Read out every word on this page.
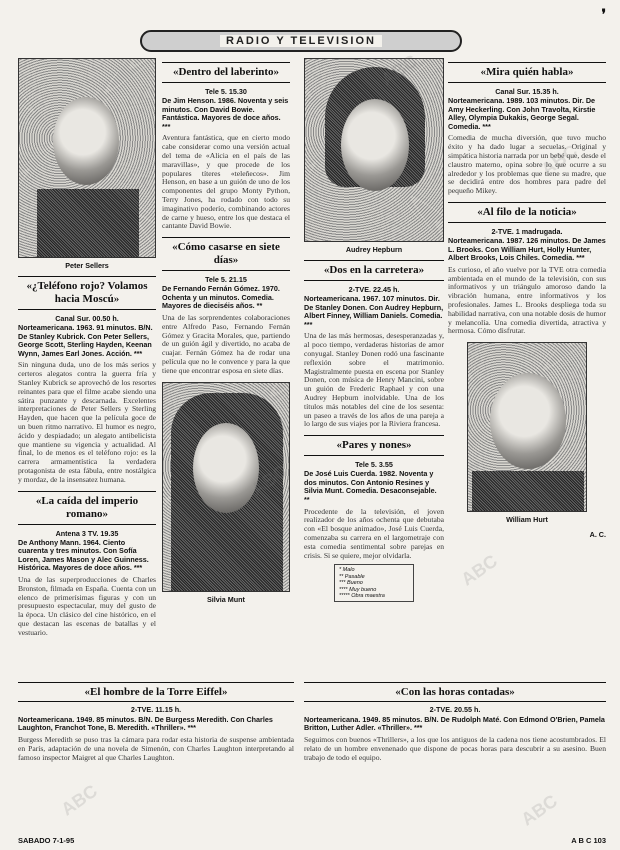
❜
RADIO Y TELEVISION
Peter Sellers
«¿Teléfono rojo? Volamos hacia Moscú»
Canal Sur. 00.50 h.
Norteamericana. 1963. 91 minutos. B/N. De Stanley Kubrick. Con Peter Sellers, George Scott, Sterling Hayden, Keenan Wynn, James Earl Jones. Acción. ***
Sin ninguna duda, uno de los más serios y certeros alegatos contra la guerra fría y Stanley Kubrick se aprovechó de los resortes reinantes para que el filme acabe siendo una sátira punzante y descarnada. Excelentes interpretaciones de Peter Sellers y Sterling Hayden, que hacen que la película goce de un buen ritmo narrativo. El humor es negro, ácido y despiadado; un alegato antibelicista que mantiene su vigencia y actualidad. Al final, lo de menos es el teléfono rojo: es la carrera armamentística la verdadera protagonista de esta fábula, entre nostálgica y mordaz, de la insensatez humana.
«La caída del imperio romano»
Antena 3 TV. 19.35
De Anthony Mann. 1964. Ciento cuarenta y tres minutos. Con Sofía Loren, James Mason y Alec Guinness. Histórica. Mayores de doce años. ***
Una de las superproducciones de Charles Bronston, filmada en España. Cuenta con un elenco de primerísimas figuras y con un presupuesto espectacular, muy del gusto de la época. Un clásico del cine histórico, en el que destacan las escenas de batallas y el vestuario.
«Dentro del laberinto»
Tele 5. 15.30
De Jim Henson. 1986. Noventa y seis minutos. Con David Bowie. Fantástica. Mayores de doce años. ***
Aventura fantástica, que en cierto modo cabe considerar como una versión actual del tema de «Alicia en el país de las maravillas», y que procede de los populares títeres «teleñecos». Jim Henson, en base a un guión de uno de los componentes del grupo Monty Python, Terry Jones, ha rodado con todo su imaginativo poderío, combinando actores de carne y hueso, entre los que destaca el cantante David Bowie.
«Cómo casarse en siete días»
Tele 5. 21.15
De Fernando Fernán Gómez. 1970. Ochenta y un minutos. Comedia. Mayores de dieciséis años. **
Una de las sorprendentes colaboraciones entre Alfredo Paso, Fernando Fernán Gómez y Gracita Morales, que, partiendo de un guión ágil y divertido, no acaba de cuajar. Fernán Gómez ha de rodar una película que no le convence y para la que tiene que encontrar esposa en siete días.
Silvia Munt
Audrey Hepburn
«Dos en la carretera»
2-TVE. 22.45 h.
Norteamericana. 1967. 107 minutos. Dir. De Stanley Donen. Con Audrey Hepburn, Albert Finney, William Daniels. Comedia. ***
Una de las más hermosas, desesperanzadas y, al poco tiempo, verdaderas historias de amor conyugal. Stanley Donen rodó una fascinante reflexión sobre el matrimonio. Magistralmente puesta en escena por Stanley Donen, con música de Henry Mancini, sobre un guión de Frederic Raphael y con una Audrey Hepburn inolvidable. Una de los títulos más notables del cine de los sesenta: un paseo a través de los años de una pareja a lo largo de sus viajes por la Riviera francesa.
«Pares y nones»
Tele 5. 3.55
De José Luis Cuerda. 1982. Noventa y dos minutos. Con Antonio Resines y Silvia Munt. Comedia. Desaconsejable. **
Procedente de la televisión, el joven realizador de los años ochenta que debutaba con «El bosque animado», José Luis Cuerda, comenzaba su carrera en el largometraje con esta comedia sentimental sobre parejas en crisis. Si se quiere, mejor olvidarla.
* Malo
** Pasable
*** Bueno
**** Muy bueno
***** Obra maestra
«Mira quién habla»
Canal Sur. 15.35 h.
Norteamericana. 1989. 103 minutos. Dir. De Amy Heckerling. Con John Travolta, Kirstie Alley, Olympia Dukakis, George Segal. Comedia. ***
Comedia de mucha diversión, que tuvo mucho éxito y ha dado lugar a secuelas. Original y simpática historia narrada por un bebé que, desde el claustro materno, opina sobre lo que ocurre a su alrededor y los problemas que tiene su madre, que se decidirá entre dos hombres para padre del pequeño Mikey.
«Al filo de la noticia»
2-TVE. 1 madrugada.
Norteamericana. 1987. 126 minutos. De James L. Brooks. Con William Hurt, Holly Hunter, Albert Brooks, Lois Chiles. Comedia. ***
Es curioso, el año vuelve por la TVE otra comedia ambientada en el mundo de la televisión, con sus informativos y un triángulo amoroso dando la vibración humana, entre informativos y los profesionales. James L. Brooks despliega toda su habilidad narrativa, con una notable dosis de humor y melancolía. Una comedia divertida, atractiva y hermosa. Cómo disfrutar.
William Hurt
A. C.
«El hombre de la Torre Eiffel»	«Con las horas contadas»
2-TVE. 11.15 h.
Norteamericana. 1949. 85 minutos. B/N. De Burgess Meredith. Con Charles Laughton, Franchot Tone, B. Meredith. «Thriller». ***
Burgess Meredith se puso tras la cámara para rodar esta historia de suspense ambientada en París, adaptación de una novela de Simenón, con Charles Laughton interpretando al famoso inspector Maigret al que Charles Laughton.
2-TVE. 20.55 h.
Norteamericana. 1949. 85 minutos. B/N. De Rudolph Maté. Con Edmond O'Brien, Pamela Britton, Luther Adler. «Thriller». ***
Seguimos con buenos «Thrillers», a los que los antiguos de la cadena nos tiene acostumbrados. El relato de un hombre envenenado que dispone de pocas horas para descubrir a su asesino. Buen trabajo de todo el equipo.
SABADO 7-1-95	A B C 103
ABC	ABC
ABC
ABC
